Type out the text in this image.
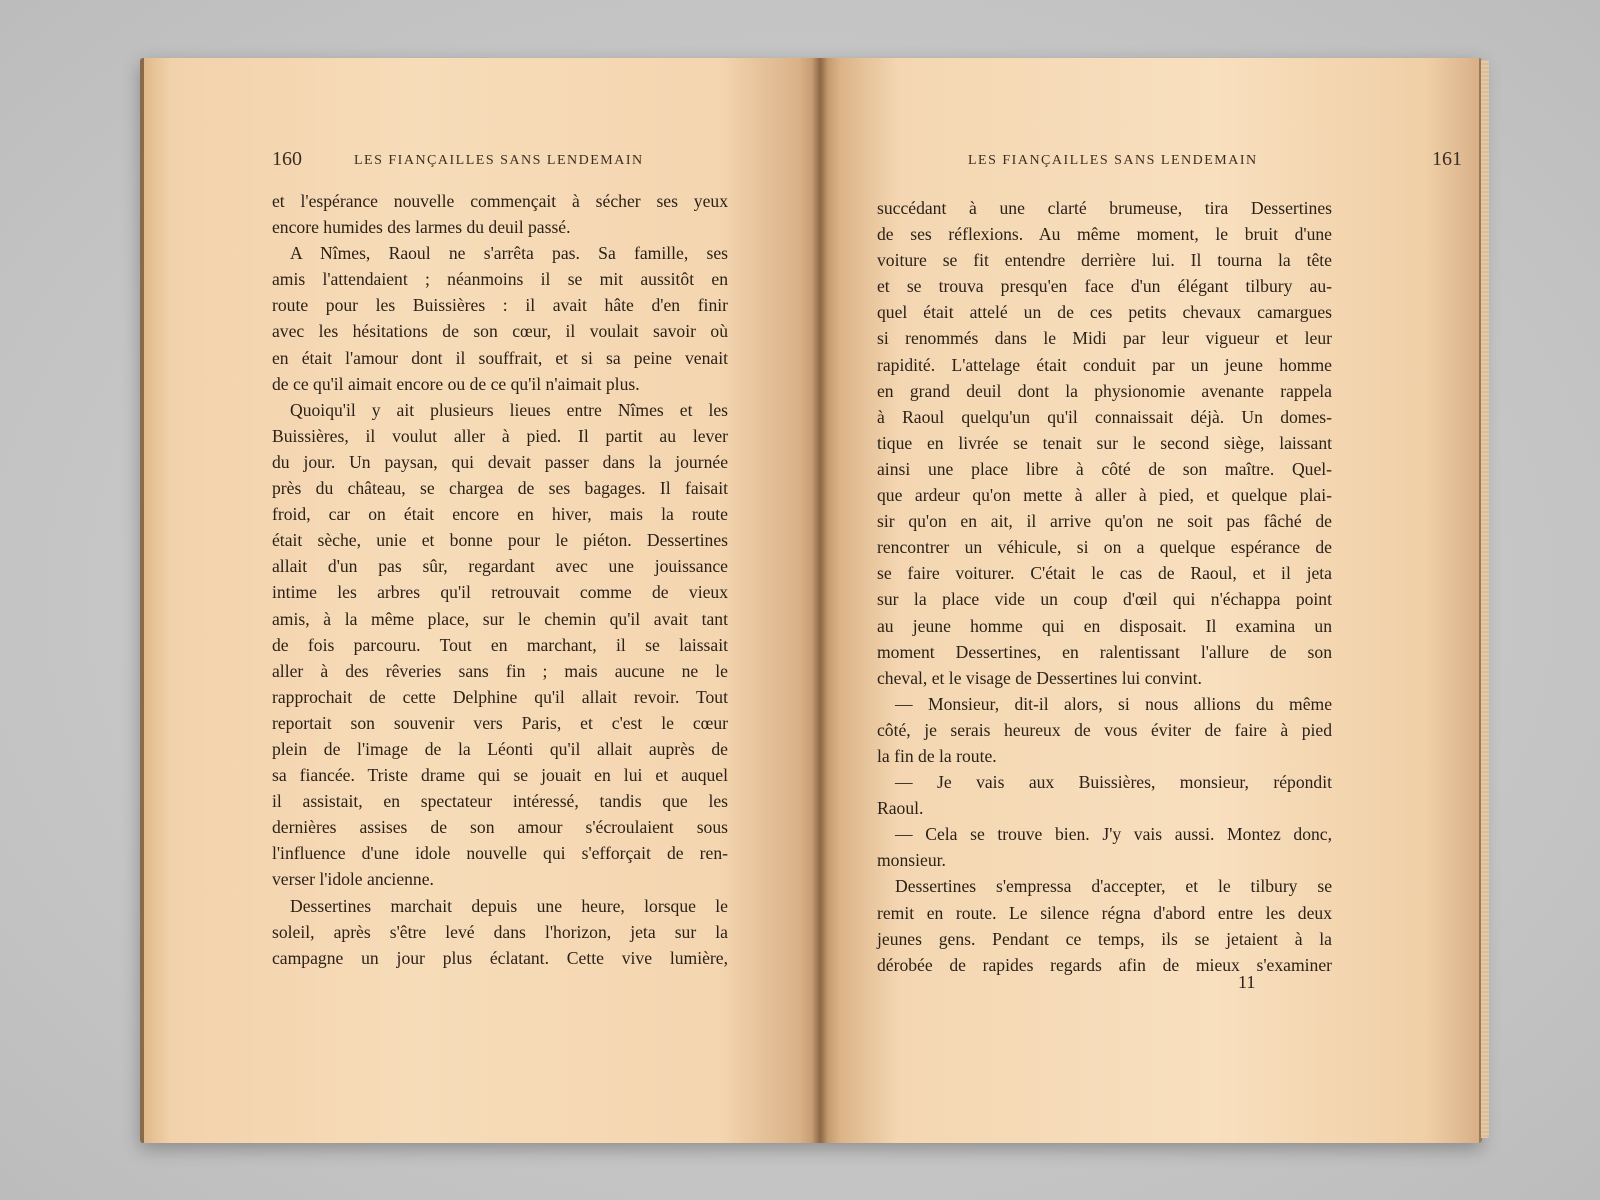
160	LES FIANÇAILLES SANS LENDEMAIN
et l'espérance nouvelle commençait à sécher ses yeux
encore humides des larmes du deuil passé.
A Nîmes, Raoul ne s'arrêta pas. Sa famille, ses
amis l'attendaient ; néanmoins il se mit aussitôt en
route pour les Buissières : il avait hâte d'en finir
avec les hésitations de son cœur, il voulait savoir où
en était l'amour dont il souffrait, et si sa peine venait
de ce qu'il aimait encore ou de ce qu'il n'aimait plus.
Quoiqu'il y ait plusieurs lieues entre Nîmes et les
Buissières, il voulut aller à pied. Il partit au lever
du jour. Un paysan, qui devait passer dans la journée
près du château, se chargea de ses bagages. Il faisait
froid, car on était encore en hiver, mais la route
était sèche, unie et bonne pour le piéton. Dessertines
allait d'un pas sûr, regardant avec une jouissance
intime les arbres qu'il retrouvait comme de vieux
amis, à la même place, sur le chemin qu'il avait tant
de fois parcouru. Tout en marchant, il se laissait
aller à des rêveries sans fin ; mais aucune ne le
rapprochait de cette Delphine qu'il allait revoir. Tout
reportait son souvenir vers Paris, et c'est le cœur
plein de l'image de la Léonti qu'il allait auprès de
sa fiancée. Triste drame qui se jouait en lui et auquel
il assistait, en spectateur intéressé, tandis que les
dernières assises de son amour s'écroulaient sous
l'influence d'une idole nouvelle qui s'efforçait de ren-
verser l'idole ancienne.
Dessertines marchait depuis une heure, lorsque le
soleil, après s'être levé dans l'horizon, jeta sur la
campagne un jour plus éclatant. Cette vive lumière,
LES FIANÇAILLES SANS LENDEMAIN	161
succédant à une clarté brumeuse, tira Dessertines
de ses réflexions. Au même moment, le bruit d'une
voiture se fit entendre derrière lui. Il tourna la tête
et se trouva presqu'en face d'un élégant tilbury au-
quel était attelé un de ces petits chevaux camargues
si renommés dans le Midi par leur vigueur et leur
rapidité. L'attelage était conduit par un jeune homme
en grand deuil dont la physionomie avenante rappela
à Raoul quelqu'un qu'il connaissait déjà. Un domes-
tique en livrée se tenait sur le second siège, laissant
ainsi une place libre à côté de son maître. Quel-
que ardeur qu'on mette à aller à pied, et quelque plai-
sir qu'on en ait, il arrive qu'on ne soit pas fâché de
rencontrer un véhicule, si on a quelque espérance de
se faire voiturer. C'était le cas de Raoul, et il jeta
sur la place vide un coup d'œil qui n'échappa point
au jeune homme qui en disposait. Il examina un
moment Dessertines, en ralentissant l'allure de son
cheval, et le visage de Dessertines lui convint.
— Monsieur, dit-il alors, si nous allions du même
côté, je serais heureux de vous éviter de faire à pied
la fin de la route.
— Je vais aux Buissières, monsieur, répondit
Raoul.
— Cela se trouve bien. J'y vais aussi. Montez donc,
monsieur.
Dessertines s'empressa d'accepter, et le tilbury se
remit en route. Le silence régna d'abord entre les deux
jeunes gens. Pendant ce temps, ils se jetaient à la
dérobée de rapides regards afin de mieux s'examiner
11
